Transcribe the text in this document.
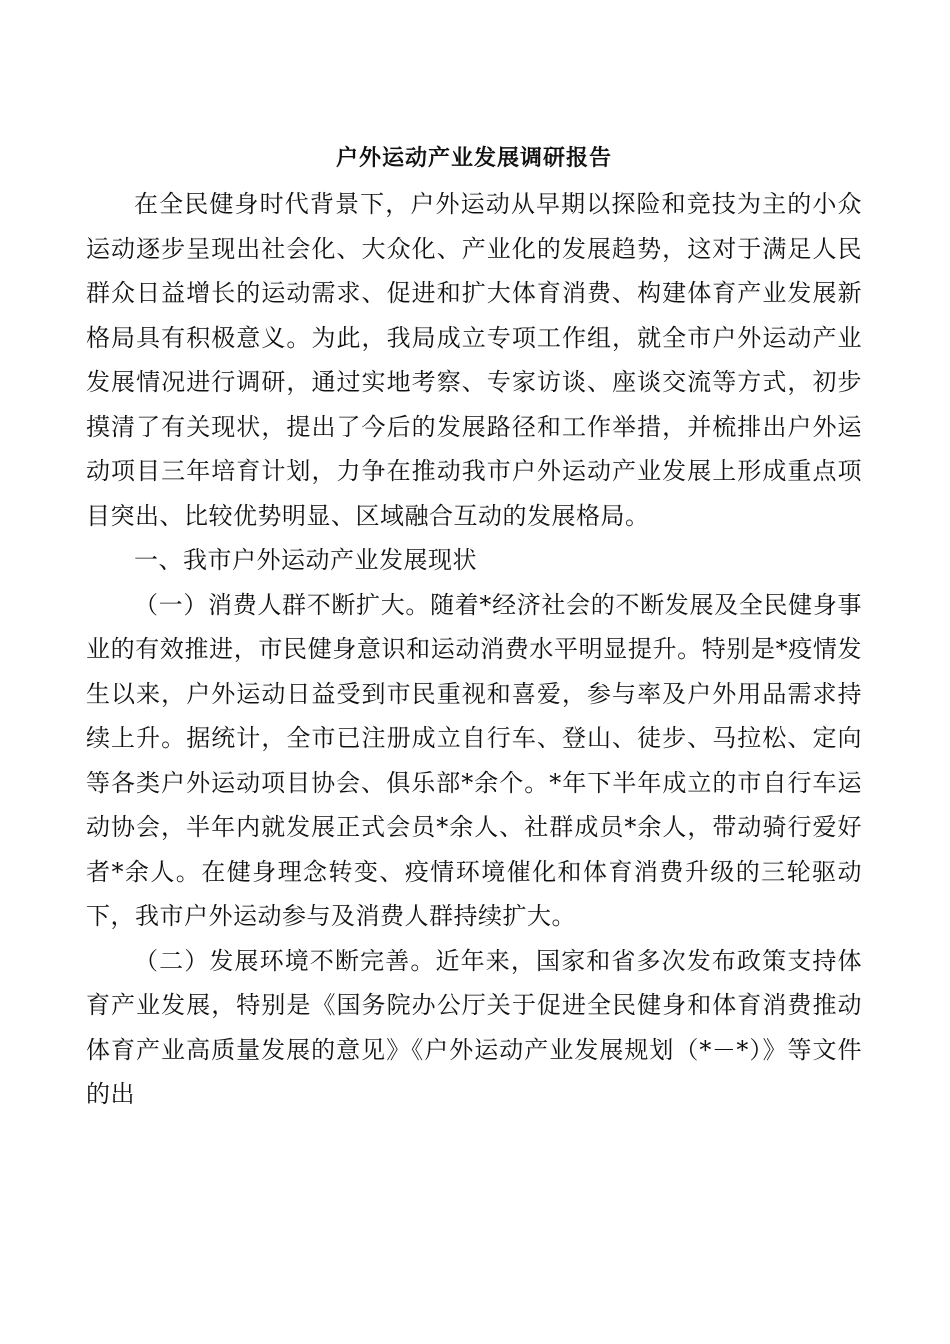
户外运动产业发展调研报告

在全民健身时代背景下，户外运动从早期以探险和竞技为主的小众运动逐步呈现出社会化、大众化、产业化的发展趋势，这对于满足人民群众日益增长的运动需求、促进和扩大体育消费、构建体育产业发展新格局具有积极意义。为此，我局成立专项工作组，就全市户外运动产业发展情况进行调研，通过实地考察、专家访谈、座谈交流等方式，初步摸清了有关现状，提出了今后的发展路径和工作举措，并梳排出户外运动项目三年培育计划，力争在推动我市户外运动产业发展上形成重点项目突出、比较优势明显、区域融合互动的发展格局。

一、我市户外运动产业发展现状

（一）消费人群不断扩大。随着*经济社会的不断发展及全民健身事业的有效推进，市民健身意识和运动消费水平明显提升。特别是*疫情发生以来，户外运动日益受到市民重视和喜爱，参与率及户外用品需求持续上升。据统计，全市已注册成立自行车、登山、徒步、马拉松、定向等各类户外运动项目协会、俱乐部*余个。*年下半年成立的市自行车运动协会，半年内就发展正式会员*余人、社群成员*余人，带动骑行爱好者*余人。在健身理念转变、疫情环境催化和体育消费升级的三轮驱动下，我市户外运动参与及消费人群持续扩大。

（二）发展环境不断完善。近年来，国家和省多次发布政策支持体育产业发展，特别是《国务院办公厅关于促进全民健身和体育消费推动体育产业高质量发展的意见》《户外运动产业发展规划（*－*）》等文件的出
